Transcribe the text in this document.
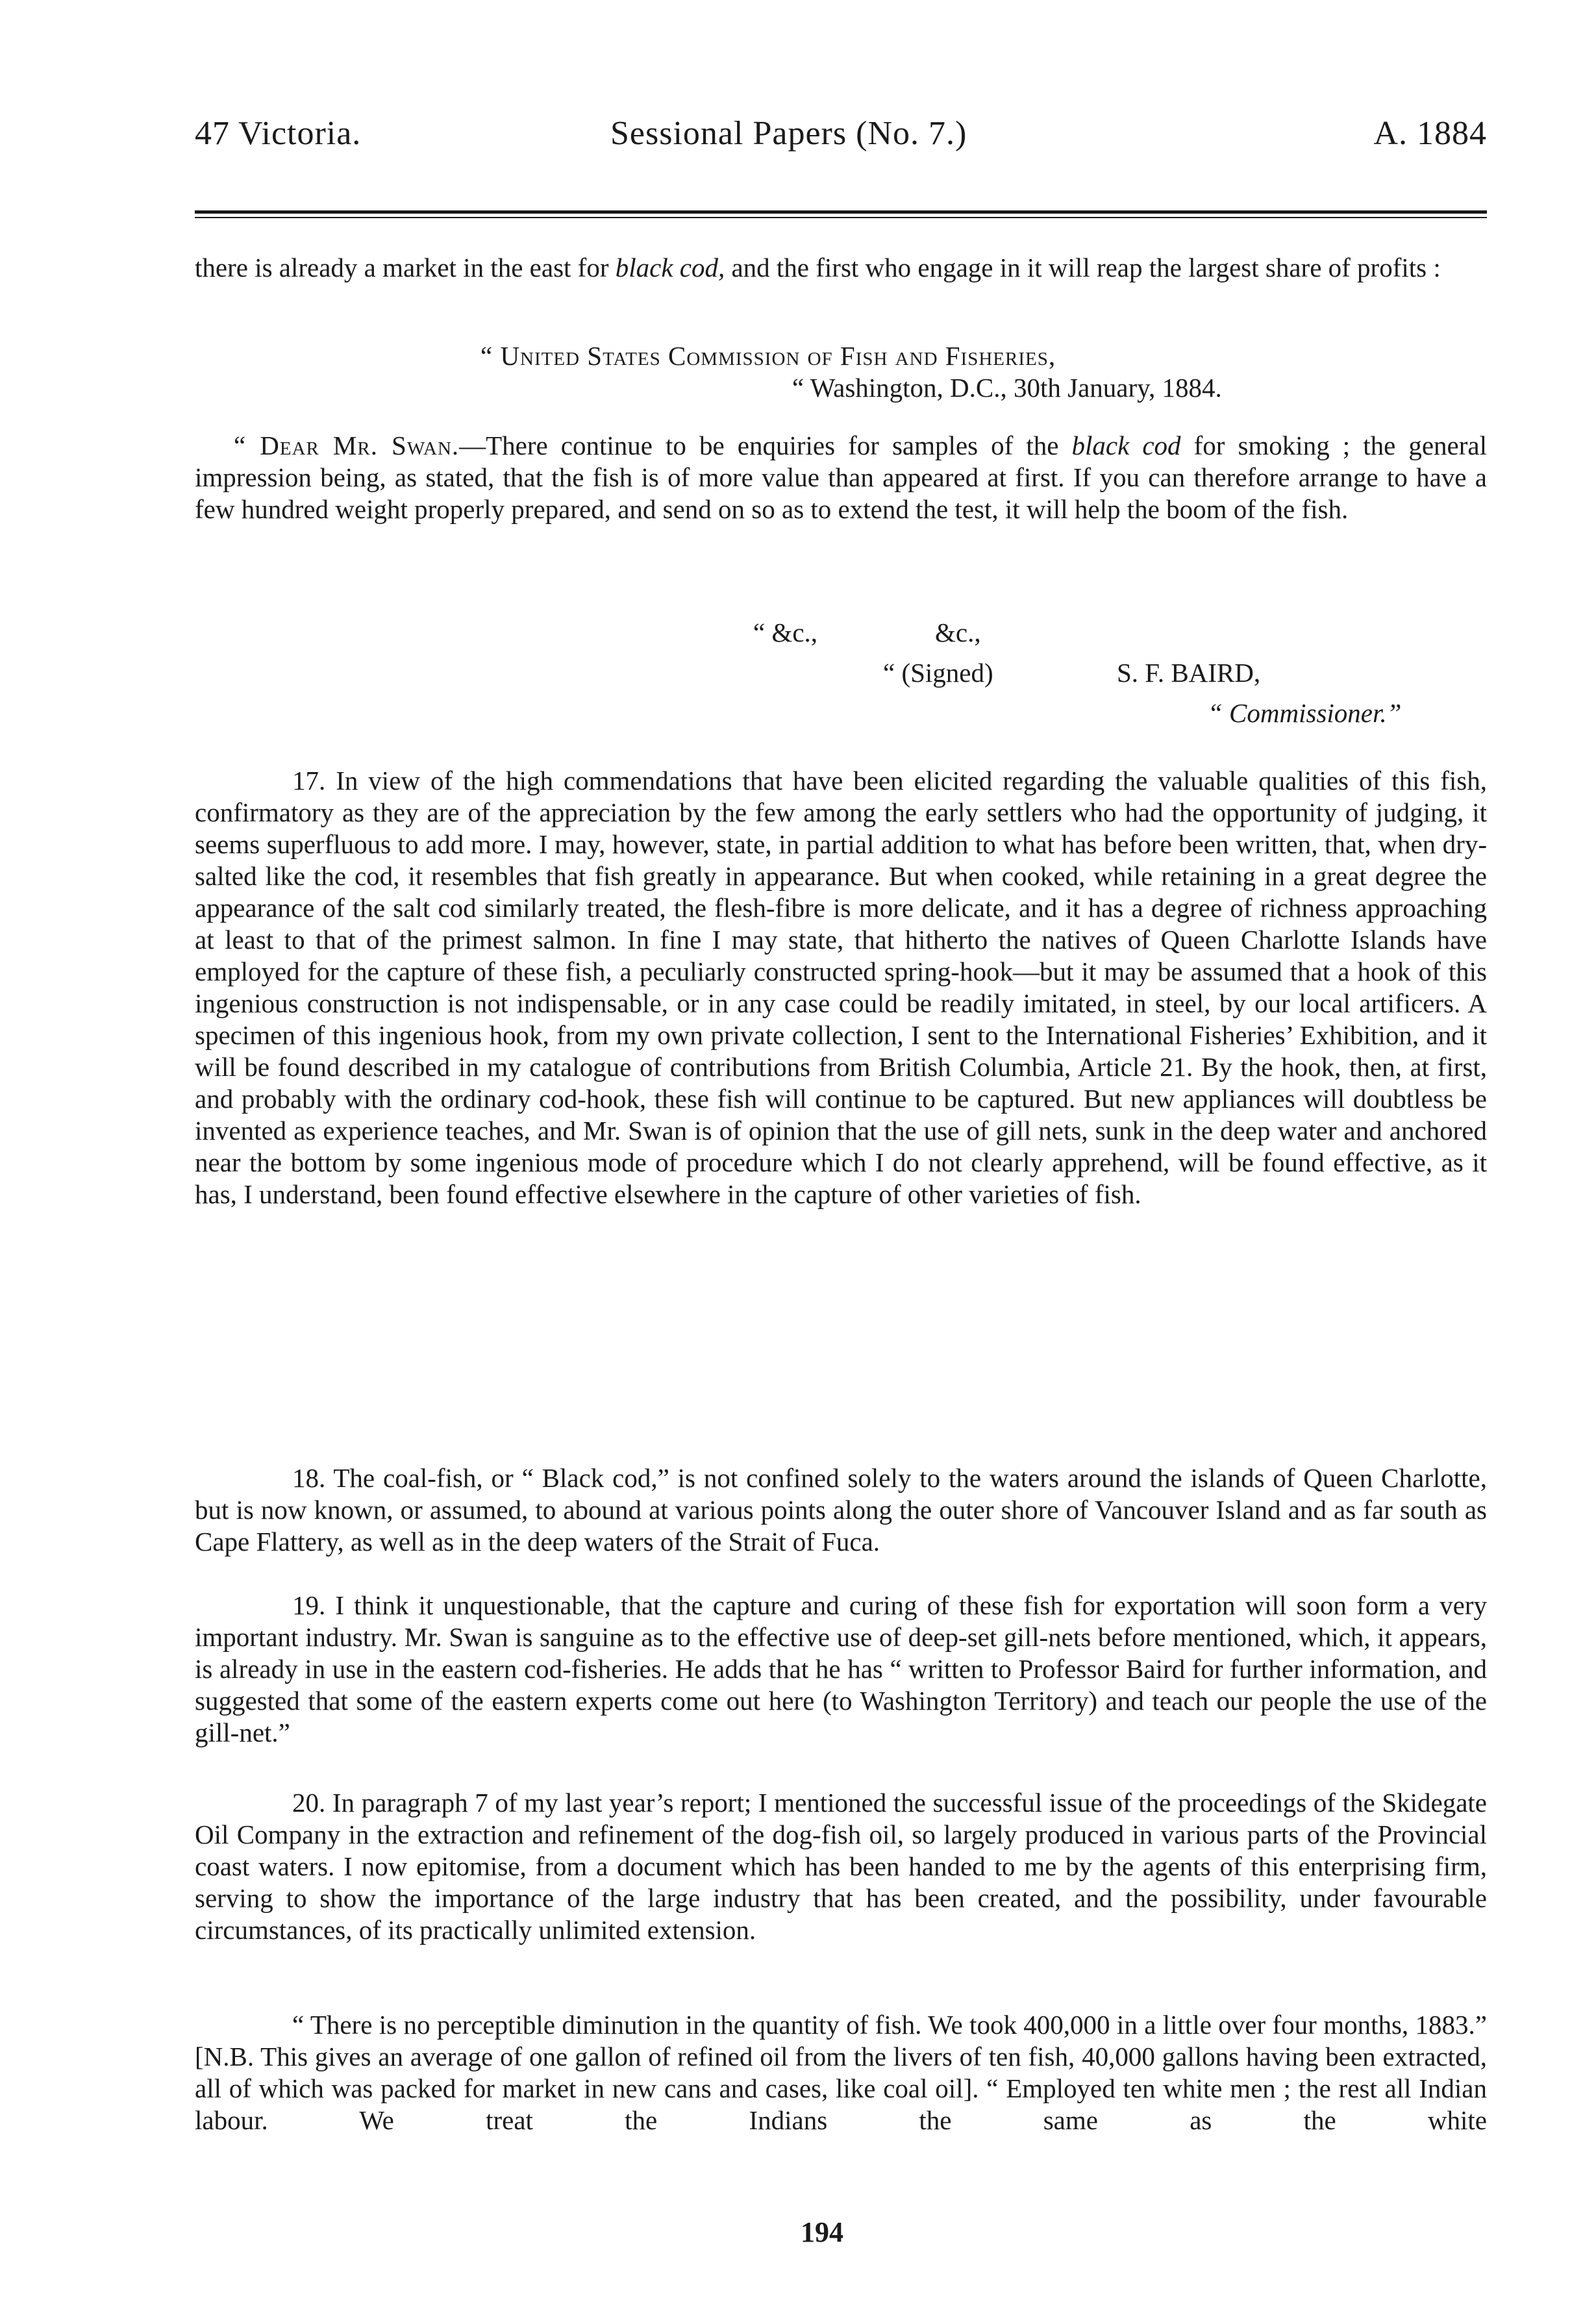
47 Victoria.	Sessional Papers (No. 7.)	A. 1884

there is already a market in the east for black cod, and the first who engage in it will reap the largest share of profits :

“ United States Commission of Fish and Fisheries,

“ Washington, D.C., 30th January, 1884.

“ Dear Mr. Swan.—There continue to be enquiries for samples of the black cod for smoking ; the general impression being, as stated, that the fish is of more value than appeared at first. If you can therefore arrange to have a few hundred weight properly prepared, and send on so as to extend the test, it will help the boom of the fish.

“ &c.,	&c.,
“ (Signed)	S. F. BAIRD,
“ Commissioner.”

17. In view of the high commendations that have been elicited regarding the valuable qualities of this fish, confirmatory as they are of the appreciation by the few among the early settlers who had the opportunity of judging, it seems superfluous to add more. I may, however, state, in partial addition to what has before been written, that, when dry-salted like the cod, it resembles that fish greatly in appearance. But when cooked, while retaining in a great degree the appearance of the salt cod similarly treated, the flesh-fibre is more delicate, and it has a degree of richness approaching at least to that of the primest salmon. In fine I may state, that hitherto the natives of Queen Charlotte Islands have employed for the capture of these fish, a peculiarly constructed spring-hook—but it may be assumed that a hook of this ingenious construction is not indispensable, or in any case could be readily imitated, in steel, by our local artificers. A specimen of this ingenious hook, from my own private collection, I sent to the International Fisheries’ Exhibition, and it will be found described in my catalogue of contributions from British Columbia, Article 21. By the hook, then, at first, and probably with the ordinary cod-hook, these fish will continue to be captured. But new appliances will doubtless be invented as experience teaches, and Mr. Swan is of opinion that the use of gill nets, sunk in the deep water and anchored near the bottom by some ingenious mode of procedure which I do not clearly apprehend, will be found effective, as it has, I understand, been found effective elsewhere in the capture of other varieties of fish.

18. The coal-fish, or “ Black cod,” is not confined solely to the waters around the islands of Queen Charlotte, but is now known, or assumed, to abound at various points along the outer shore of Vancouver Island and as far south as Cape Flattery, as well as in the deep waters of the Strait of Fuca.

19. I think it unquestionable, that the capture and curing of these fish for exportation will soon form a very important industry. Mr. Swan is sanguine as to the effective use of deep-set gill-nets before mentioned, which, it appears, is already in use in the eastern cod-fisheries. He adds that he has “ written to Professor Baird for further information, and suggested that some of the eastern experts come out here (to Washington Territory) and teach our people the use of the gill-net.”

20. In paragraph 7 of my last year’s report; I mentioned the successful issue of the proceedings of the Skidegate Oil Company in the extraction and refinement of the dog-fish oil, so largely produced in various parts of the Provincial coast waters. I now epitomise, from a document which has been handed to me by the agents of this enterprising firm, serving to show the importance of the large industry that has been created, and the possibility, under favourable circumstances, of its practically unlimited extension.

“ There is no perceptible diminution in the quantity of fish. We took 400,000 in a little over four months, 1883.” [N.B. This gives an average of one gallon of refined oil from the livers of ten fish, 40,000 gallons having been extracted, all of which was packed for market in new cans and cases, like coal oil]. “ Employed ten white men ; the rest all Indian labour. We treat the Indians the same as the white

194
